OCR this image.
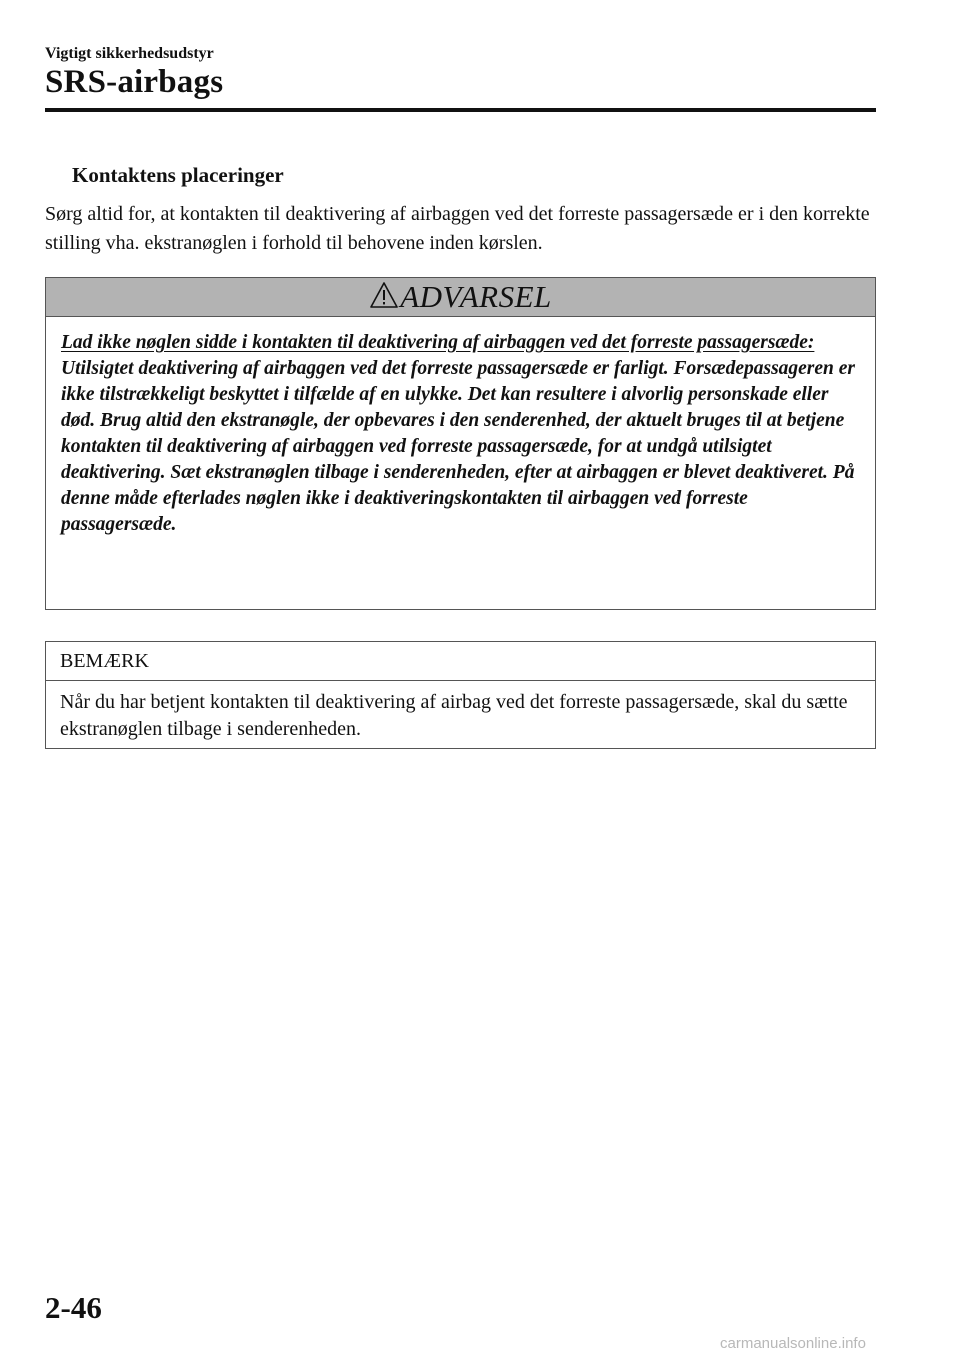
Vigtigt sikkerhedsudstyr
SRS-airbags
Kontaktens placeringer

Sørg altid for, at kontakten til deaktivering af airbaggen ved det forreste passagersæde er i den korrekte stilling vha. ekstranøglen i forhold til behovene inden kørslen.

ADVARSEL
Lad ikke nøglen sidde i kontakten til deaktivering af airbaggen ved det forreste passagersæde:
Utilsigtet deaktivering af airbaggen ved det forreste passagersæde er farligt. Forsædepassageren er ikke tilstrækkeligt beskyttet i tilfælde af en ulykke. Det kan resultere i alvorlig personskade eller død. Brug altid den ekstranøgle, der opbevares i den senderenhed, der aktuelt bruges til at betjene kontakten til deaktivering af airbaggen ved forreste passagersæde, for at undgå utilsigtet deaktivering. Sæt ekstranøglen tilbage i senderenheden, efter at airbaggen er blevet deaktiveret. På denne måde efterlades nøglen ikke i deaktiveringskontakten til airbaggen ved forreste passagersæde.
BEMÆRK
Når du har betjent kontakten til deaktivering af airbag ved det forreste passagersæde, skal du sætte ekstranøglen tilbage i senderenheden.
2-46
carmanualsonline.info
